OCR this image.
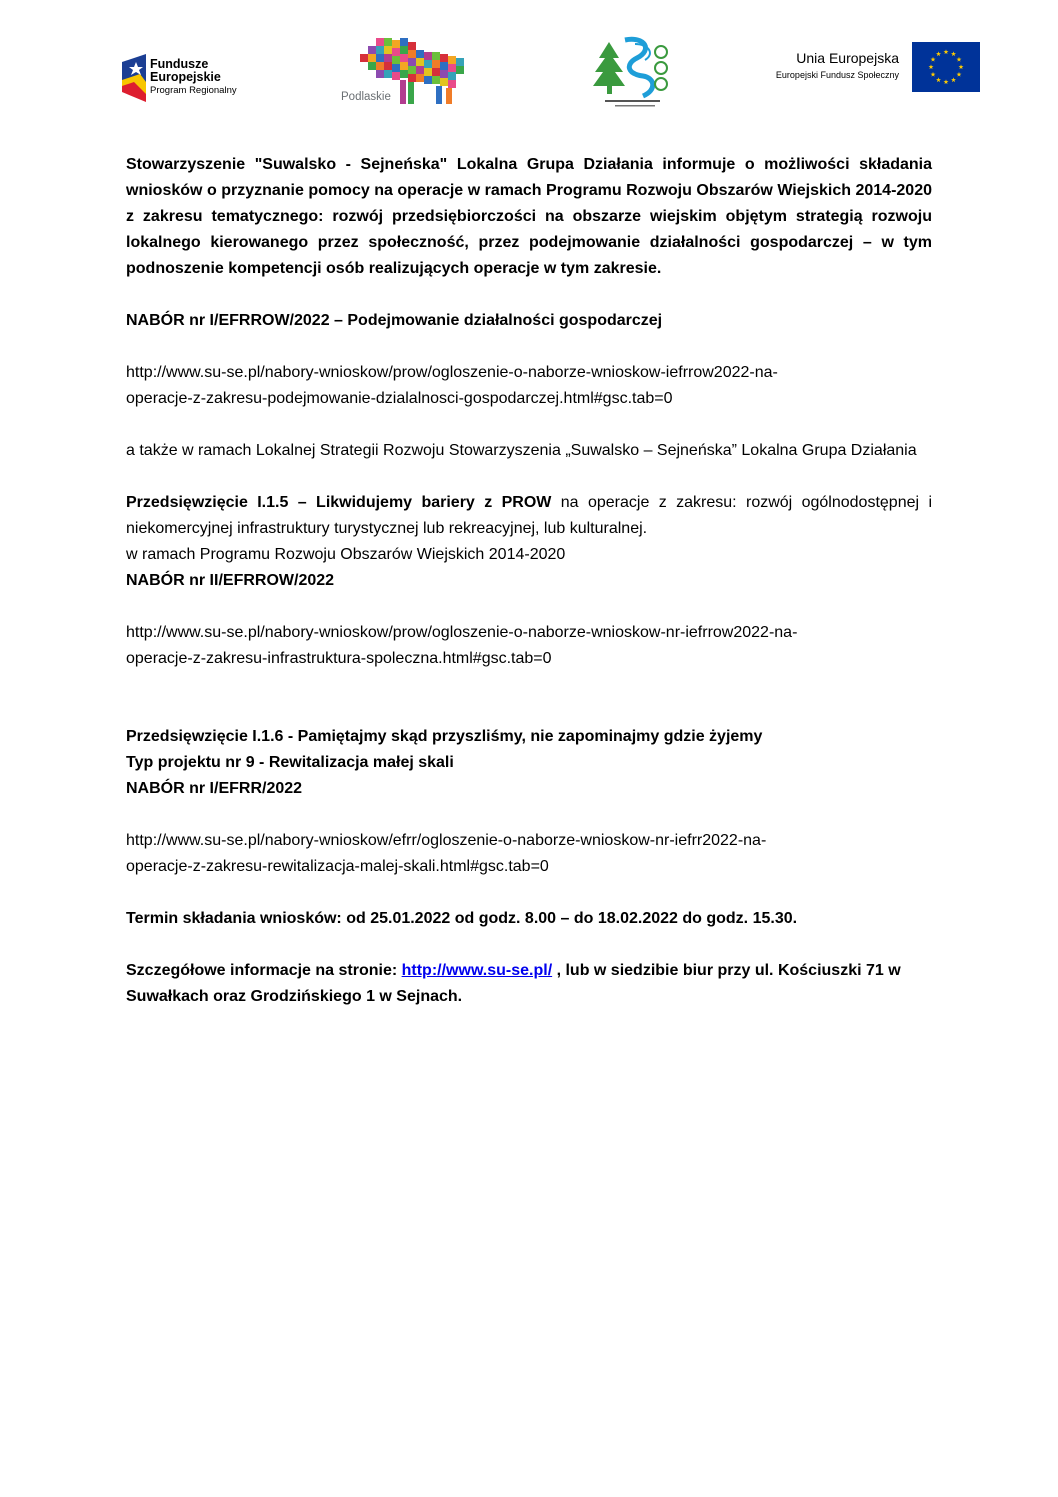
Fundusze
Europejskie
Program Regionalny
Podlaskie
Unia Europejska
Europejski Fundusz Społeczny

Stowarzyszenie "Suwalsko - Sejneńska" Lokalna Grupa Działania informuje o możliwości składania wniosków o przyznanie pomocy na operacje w ramach Programu Rozwoju Obszarów Wiejskich 2014-2020 z zakresu tematycznego: rozwój przedsiębiorczości na obszarze wiejskim objętym strategią rozwoju lokalnego kierowanego przez społeczność, przez podejmowanie działalności gospodarczej – w tym podnoszenie kompetencji osób realizujących operacje w tym zakresie.

NABÓR nr I/EFRROW/2022 – Podejmowanie działalności gospodarczej

http://www.su-se.pl/nabory-wnioskow/prow/ogloszenie-o-naborze-wnioskow-iefrrow2022-na-
operacje-z-zakresu-podejmowanie-dzialalnosci-gospodarczej.html#gsc.tab=0

a także w ramach Lokalnej Strategii Rozwoju Stowarzyszenia „Suwalsko – Sejneńska” Lokalna Grupa Działania

Przedsięwzięcie I.1.5 – Likwidujemy bariery z PROW na operacje z zakresu: rozwój ogólnodostępnej i niekomercyjnej infrastruktury turystycznej lub rekreacyjnej, lub kulturalnej.

w ramach Programu Rozwoju Obszarów Wiejskich 2014-2020

NABÓR nr II/EFRROW/2022

http://www.su-se.pl/nabory-wnioskow/prow/ogloszenie-o-naborze-wnioskow-nr-iefrrow2022-na-
operacje-z-zakresu-infrastruktura-spoleczna.html#gsc.tab=0

Przedsięwzięcie I.1.6 - Pamiętajmy skąd przyszliśmy, nie zapominajmy gdzie żyjemy

Typ projektu nr 9 - Rewitalizacja małej skali

NABÓR nr I/EFRR/2022

http://www.su-se.pl/nabory-wnioskow/efrr/ogloszenie-o-naborze-wnioskow-nr-iefrr2022-na-
operacje-z-zakresu-rewitalizacja-malej-skali.html#gsc.tab=0

Termin składania wniosków: od 25.01.2022 od godz. 8.00 – do 18.02.2022 do godz. 15.30.

Szczegółowe informacje na stronie: http://www.su-se.pl/ , lub w siedzibie biur przy ul. Kościuszki 71 w Suwałkach oraz Grodzińskiego 1 w Sejnach.
